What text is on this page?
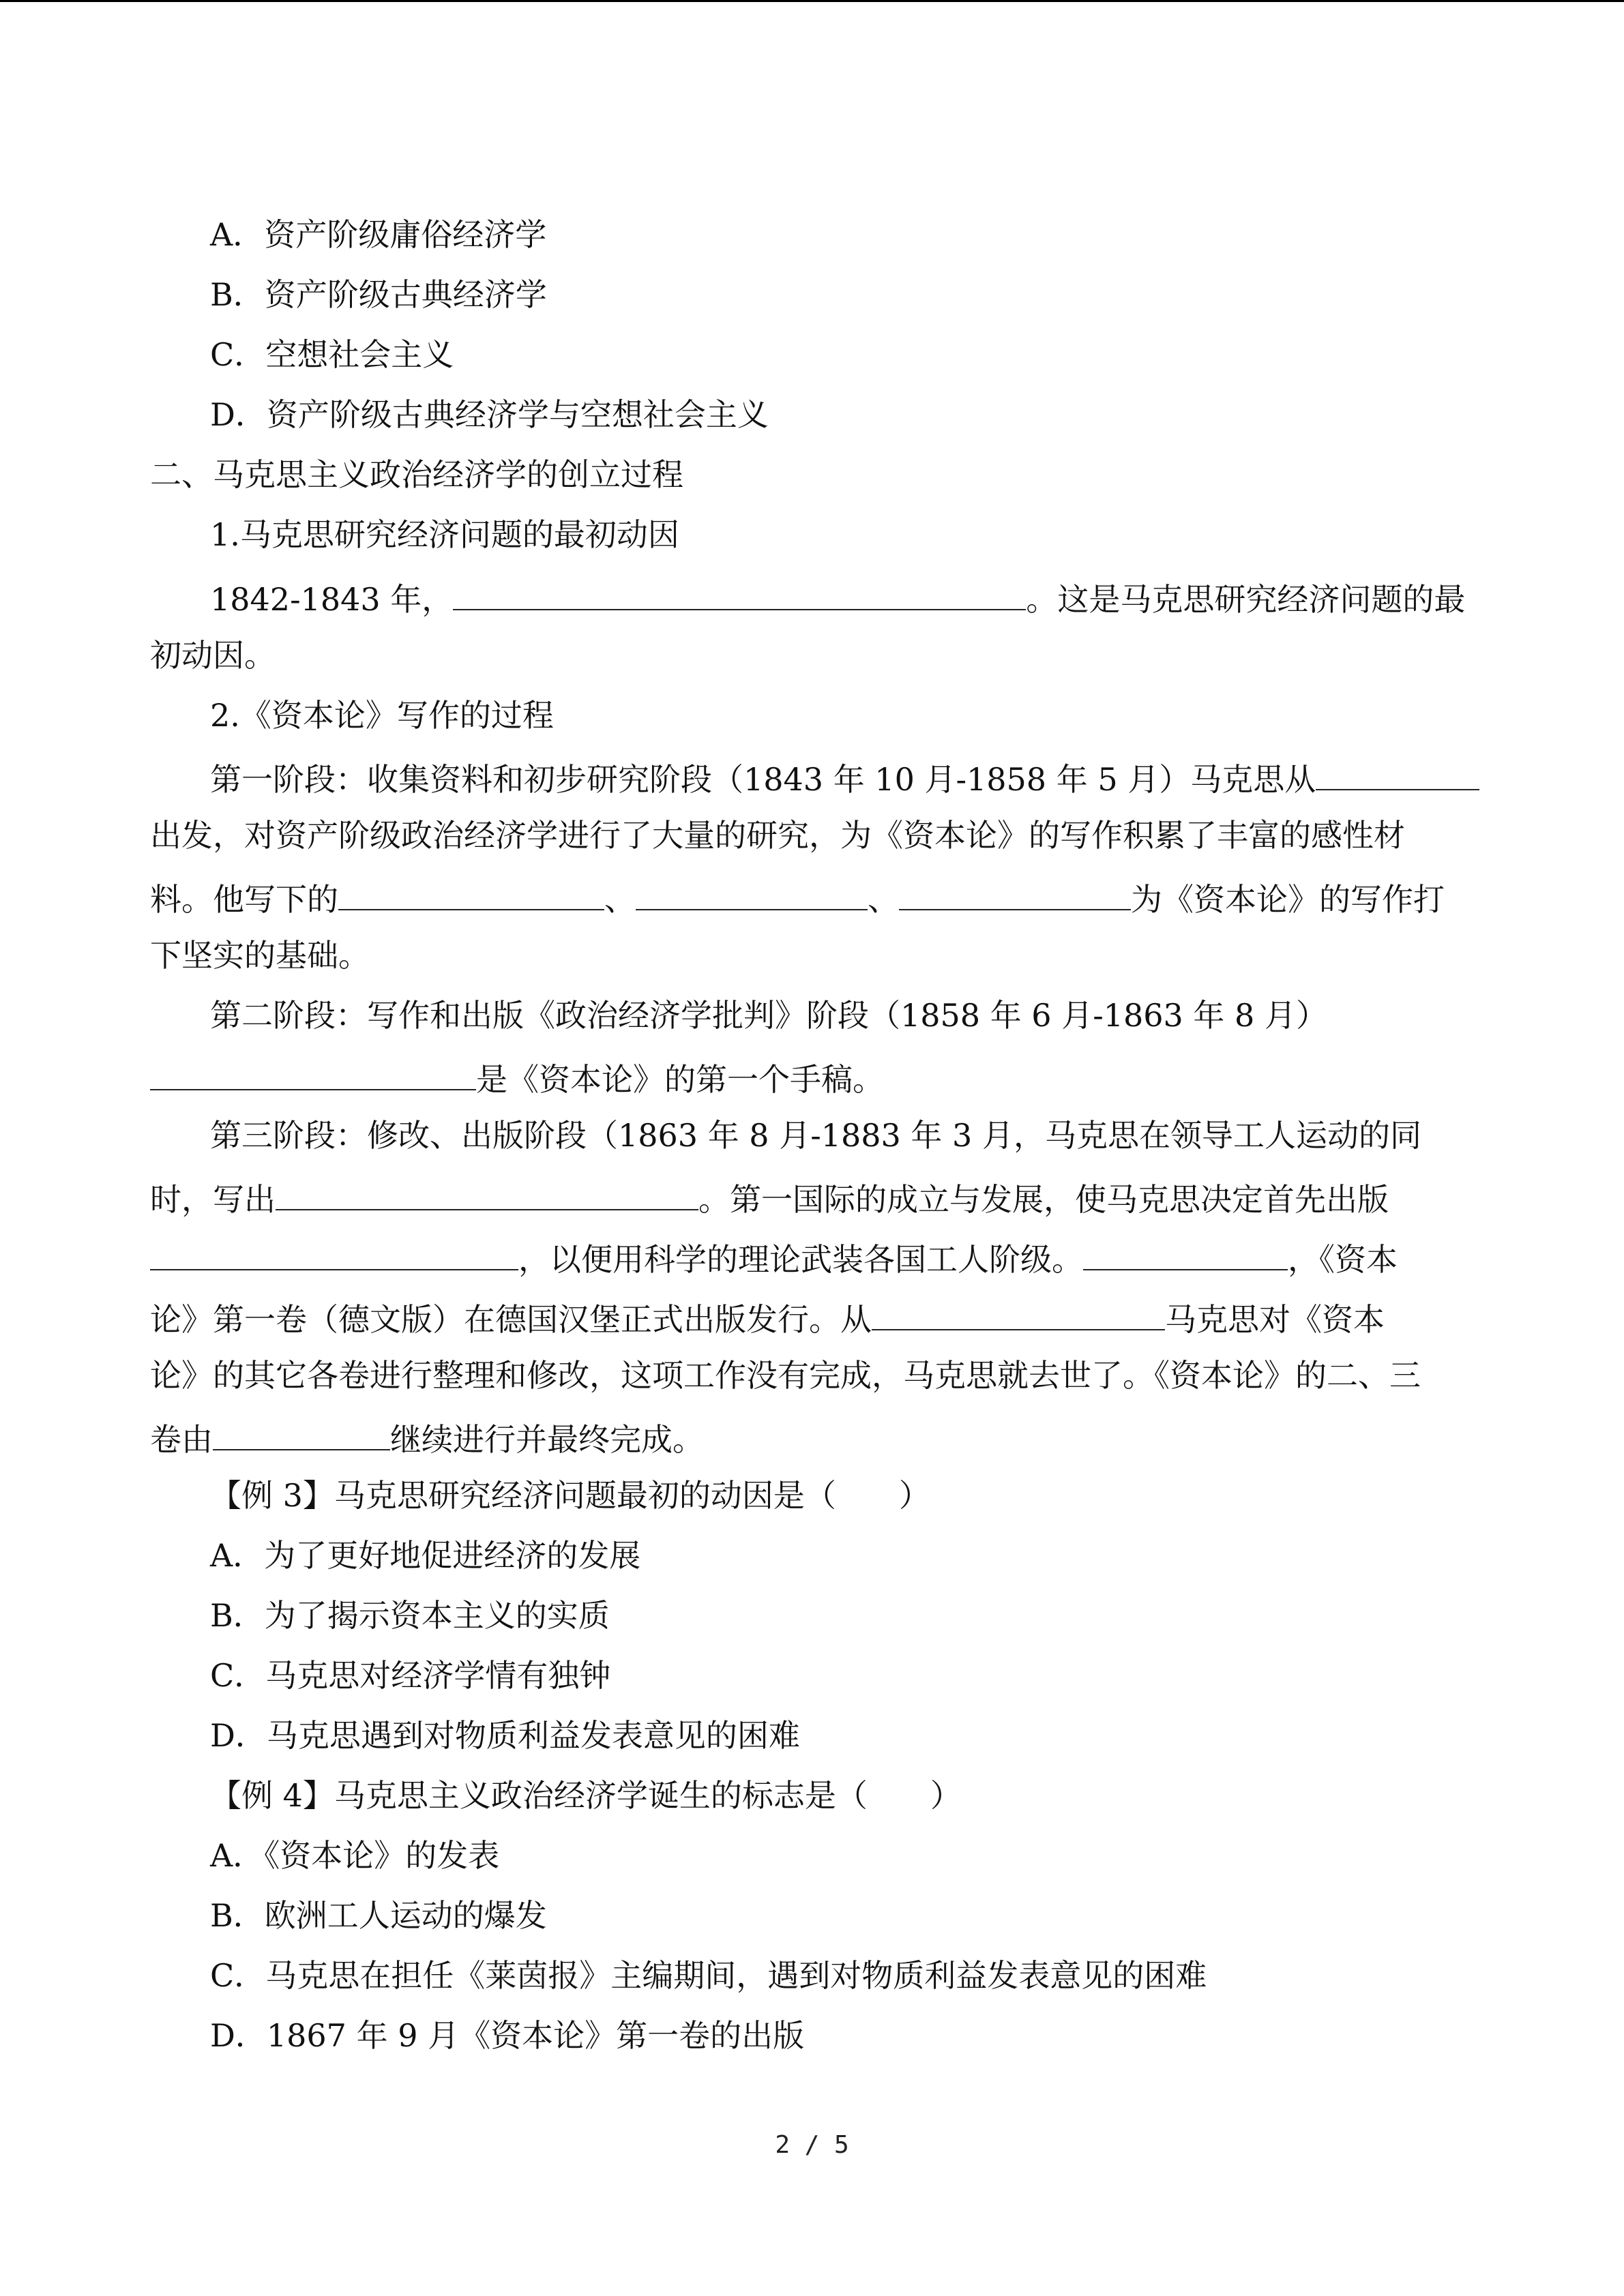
A．资产阶级庸俗经济学
B．资产阶级古典经济学
C．空想社会主义
D．资产阶级古典经济学与空想社会主义
二、马克思主义政治经济学的创立过程
1.马克思研究经济问题的最初动因
1842-1843 年，	。这是马克思研究经济问题的最
初动因。
2.《资本论》写作的过程
第一阶段：收集资料和初步研究阶段（1843 年 10 月-1858 年 5 月）马克思从
出发，对资产阶级政治经济学进行了大量的研究，为《资本论》的写作积累了丰富的感性材
料。他写下的	、	、	为《资本论》的写作打
下坚实的基础。
第二阶段：写作和出版《政治经济学批判》阶段（1858 年 6 月-1863 年 8 月）
是《资本论》的第一个手稿。
第三阶段：修改、出版阶段（1863 年 8 月-1883 年 3 月，马克思在领导工人运动的同
时，写出	。第一国际的成立与发展，使马克思决定首先出版
，以便用科学的理论武装各国工人阶级。	，《资本
论》第一卷（德文版）在德国汉堡正式出版发行。从	马克思对《资本
论》的其它各卷进行整理和修改，这项工作没有完成，马克思就去世了。《资本论》的二、三
卷由	继续进行并最终完成。
【例 3】马克思研究经济问题最初的动因是（　　）
A．为了更好地促进经济的发展
B．为了揭示资本主义的实质
C．马克思对经济学情有独钟
D．马克思遇到对物质利益发表意见的困难
【例 4】马克思主义政治经济学诞生的标志是（　　）
A．《资本论》的发表
B．欧洲工人运动的爆发
C．马克思在担任《莱茵报》主编期间，遇到对物质利益发表意见的困难
D．1867 年 9 月《资本论》第一卷的出版
2 / 5
